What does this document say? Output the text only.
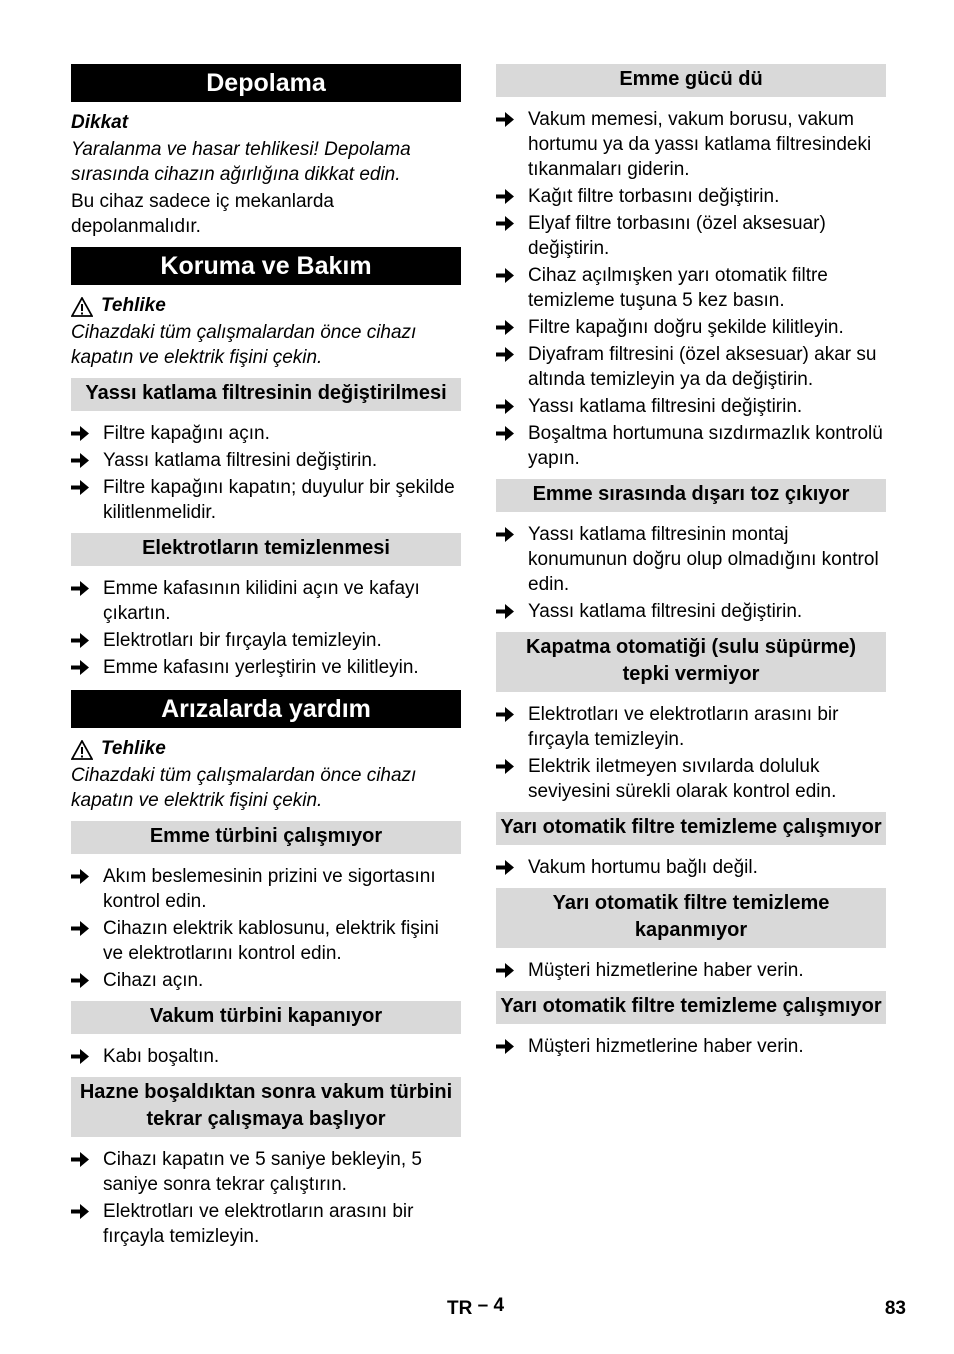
Depolama
Dikkat
Yaralanma ve hasar tehlikesi! Depolama sırasında cihazın ağırlığına dikkat edin.
Bu cihaz sadece iç mekanlarda depolanmalıdır.
Koruma ve Bakım
Tehlike
Cihazdaki tüm çalışmalardan önce cihazı kapatın ve elektrik fişini çekin.
Yassı katlama filtresinin değiştirilmesi
Filtre kapağını açın.
Yassı katlama filtresini değiştirin.
Filtre kapağını kapatın; duyulur bir şekilde kilitlenmelidir.
Elektrotların temizlenmesi
Emme kafasının kilidini açın ve kafayı çıkartın.
Elektrotları bir fırçayla temizleyin.
Emme kafasını yerleştirin ve kilitleyin.
Arızalarda yardım
Tehlike
Cihazdaki tüm çalışmalardan önce cihazı kapatın ve elektrik fişini çekin.
Emme türbini çalışmıyor
Akım beslemesinin prizini ve sigortasını kontrol edin.
Cihazın elektrik kablosunu, elektrik fişini ve elektrotlarını kontrol edin.
Cihazı açın.
Vakum türbini kapanıyor
Kabı boşaltın.
Hazne boşaldıktan sonra vakum türbini tekrar çalışmaya başlıyor
Cihazı kapatın ve 5 saniye bekleyin, 5 saniye sonra tekrar çalıştırın.
Elektrotları ve elektrotların arasını bir fırçayla temizleyin.
Emme gücü dü
Vakum memesi, vakum borusu, vakum hortumu ya da yassı katlama filtresindeki tıkanmaları giderin.
Kağıt filtre torbasını değiştirin.
Elyaf filtre torbasını (özel aksesuar) değiştirin.
Cihaz açılmışken yarı otomatik filtre temizleme tuşuna 5 kez basın.
Filtre kapağını doğru şekilde kilitleyin.
Diyafram filtresini (özel aksesuar) akar su altında temizleyin ya da değiştirin.
Yassı katlama filtresini değiştirin.
Boşaltma hortumuna sızdırmazlık kontrolü yapın.
Emme sırasında dışarı toz çıkıyor
Yassı katlama filtresinin montaj konumunun doğru olup olmadığını kontrol edin.
Yassı katlama filtresini değiştirin.
Kapatma otomatiği (sulu süpürme) tepki vermiyor
Elektrotları ve elektrotların arasını bir fırçayla temizleyin.
Elektrik iletmeyen sıvılarda doluluk seviyesini sürekli olarak kontrol edin.
Yarı otomatik filtre temizleme çalışmıyor
Vakum hortumu bağlı değil.
Yarı otomatik filtre temizleme kapanmıyor
Müşteri hizmetlerine haber verin.
Yarı otomatik filtre temizleme çalışmıyor
Müşteri hizmetlerine haber verin.
TR – 4	83
